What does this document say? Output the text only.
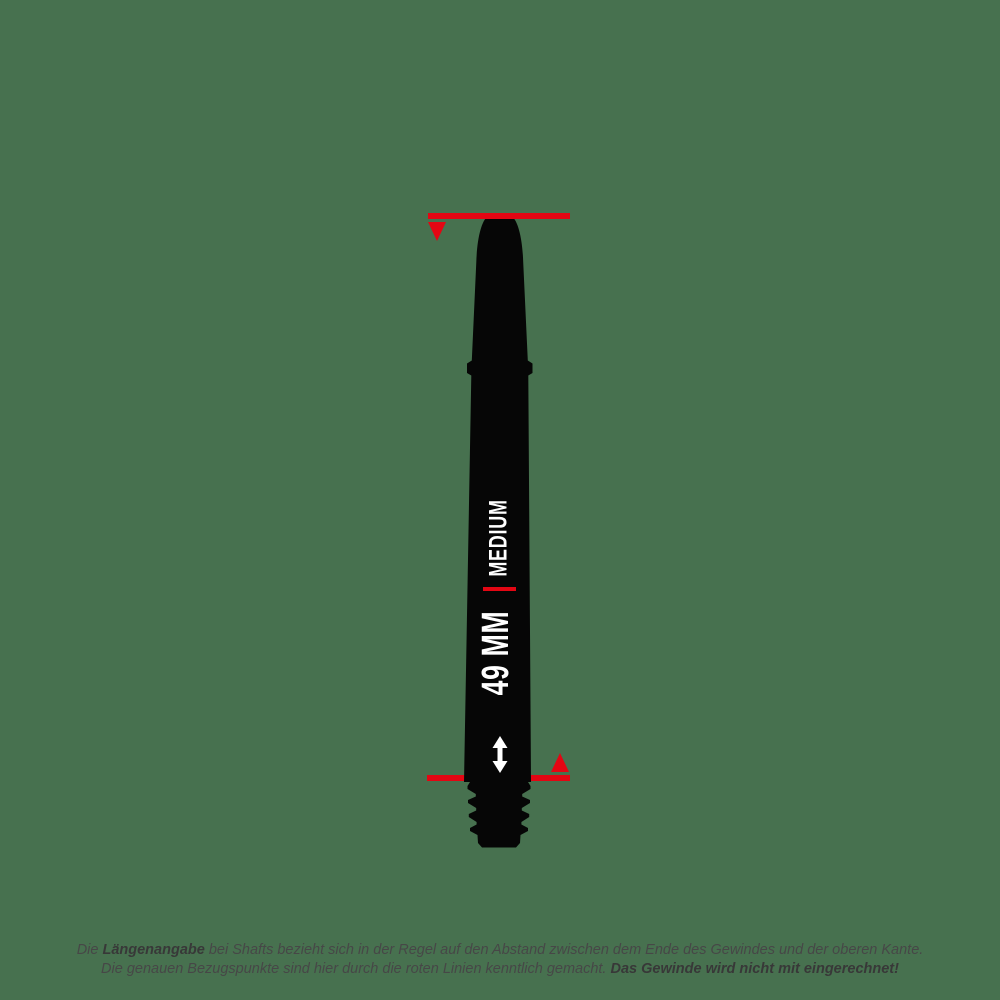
MEDIUM
49 MM

Die Längenangabe bei Shafts bezieht sich in der Regel auf den Abstand zwischen dem Ende des Gewindes und der oberen Kante.

Die genauen Bezugspunkte sind hier durch die roten Linien kenntlich gemacht. Das Gewinde wird nicht mit eingerechnet!
